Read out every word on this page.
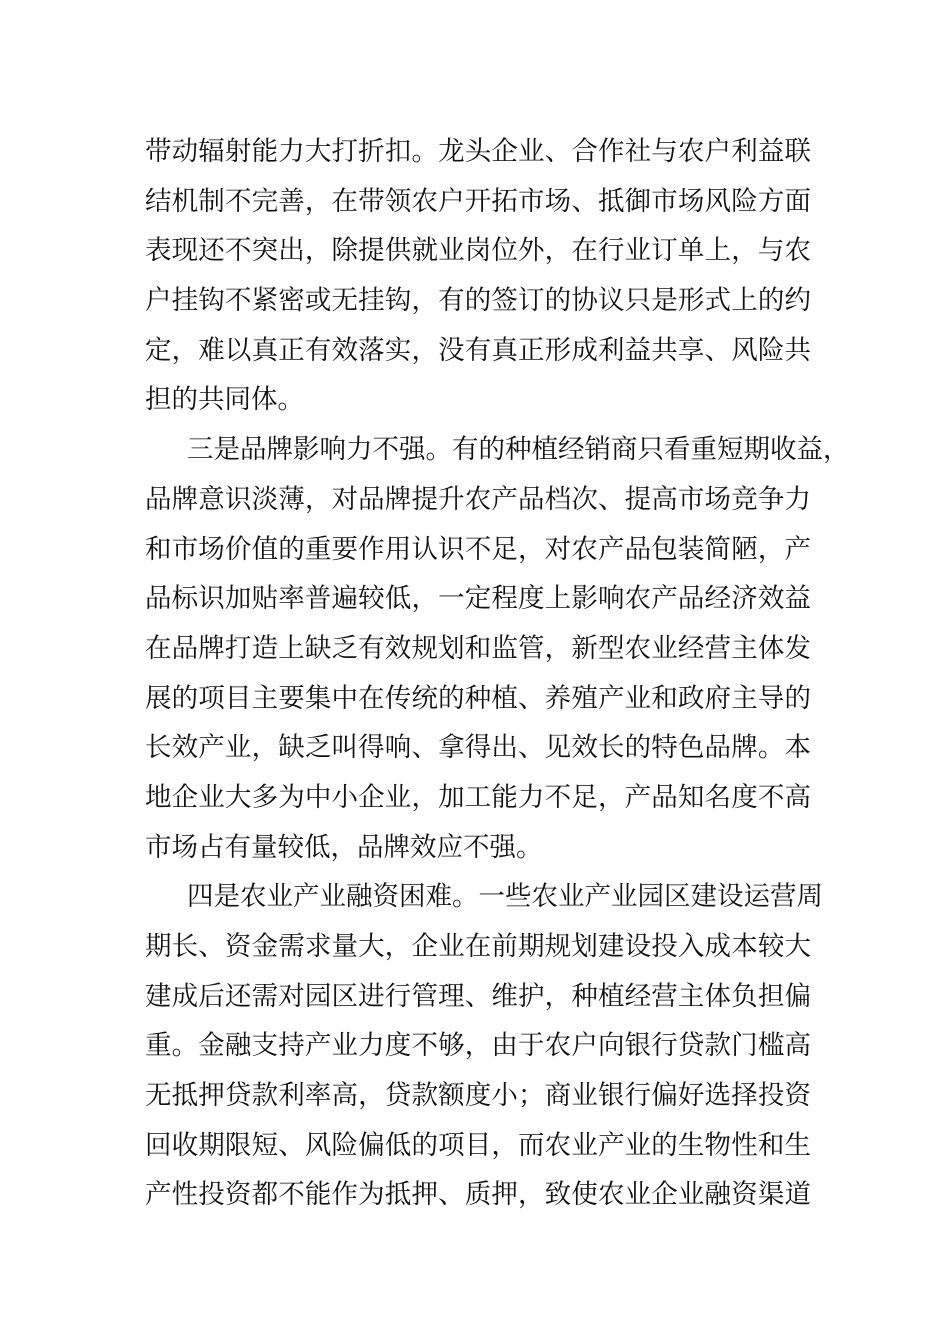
带动辐射能力大打折扣。龙头企业、合作社与农户利益联
结机制不完善，在带领农户开拓市场、抵御市场风险方面
表现还不突出，除提供就业岗位外，在行业订单上，与农
户挂钩不紧密或无挂钩，有的签订的协议只是形式上的约
定，难以真正有效落实，没有真正形成利益共享、风险共
担的共同体。
三是品牌影响力不强。有的种植经销商只看重短期收益，
品牌意识淡薄，对品牌提升农产品档次、提高市场竞争力
和市场价值的重要作用认识不足，对农产品包装简陋，产
品标识加贴率普遍较低，一定程度上影响农产品经济效益
在品牌打造上缺乏有效规划和监管，新型农业经营主体发
展的项目主要集中在传统的种植、养殖产业和政府主导的
长效产业，缺乏叫得响、拿得出、见效长的特色品牌。本
地企业大多为中小企业，加工能力不足，产品知名度不高
市场占有量较低，品牌效应不强。
四是农业产业融资困难。一些农业产业园区建设运营周
期长、资金需求量大，企业在前期规划建设投入成本较大
建成后还需对园区进行管理、维护，种植经营主体负担偏
重。金融支持产业力度不够，由于农户向银行贷款门槛高
无抵押贷款利率高，贷款额度小；商业银行偏好选择投资
回收期限短、风险偏低的项目，而农业产业的生物性和生
产性投资都不能作为抵押、质押，致使农业企业融资渠道
